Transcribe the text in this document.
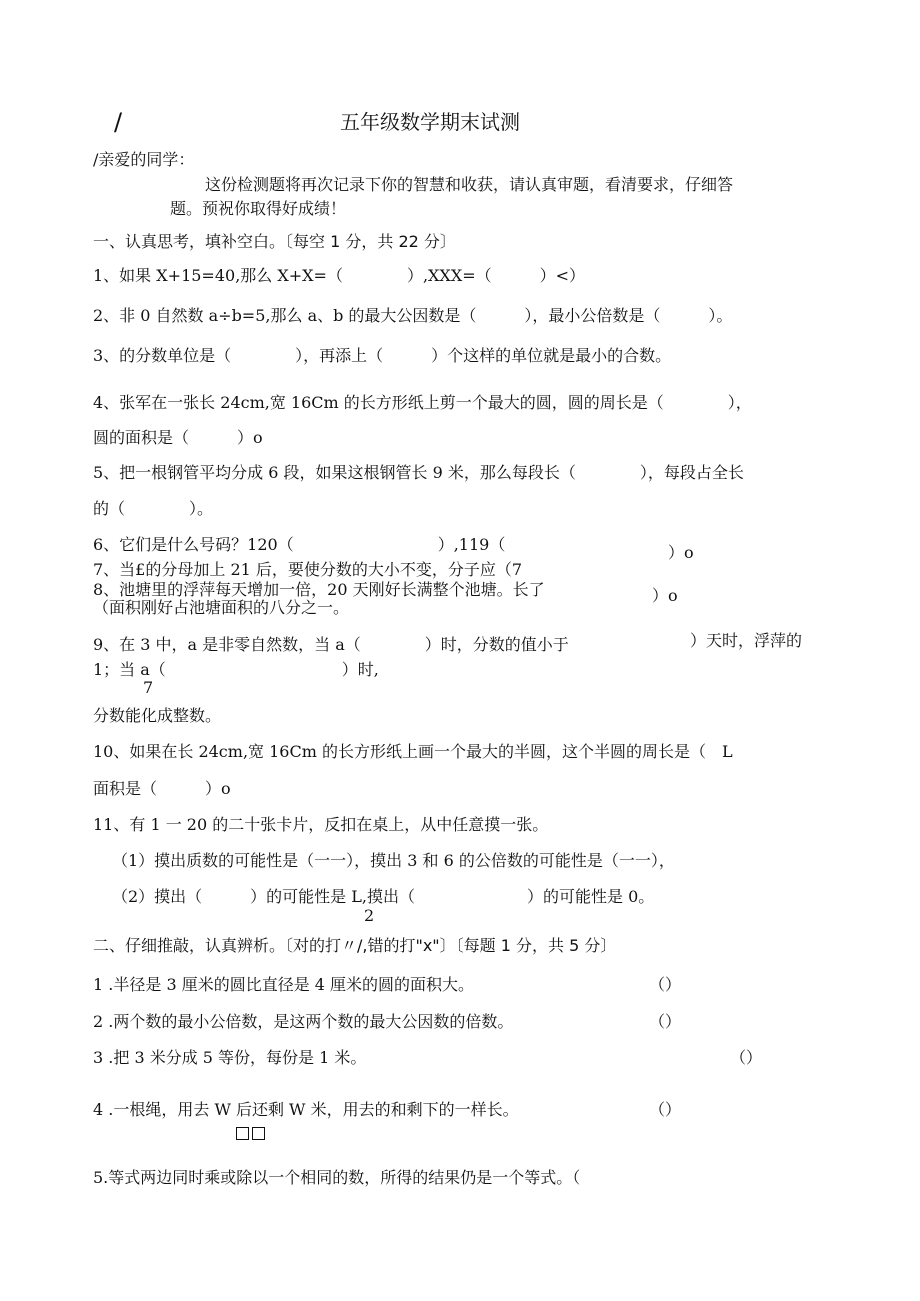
/	五年级数学期末试测
/亲爱的同学：
这份检测题将再次记录下你的智慧和收获，请认真审题，看清要求，仔细答
题。预祝你取得好成绩！
一、认真思考，填补空白。〔每空 1 分，共 22 分〕
1、如果 X+15=40,那么 X+X=（　　　　）,XXX=（　　　）<）
2、非 0 自然数 a÷b=5,那么 a、b 的最大公因数是（　　　），最小公倍数是（　　　）。
3、的分数单位是（　　　　），再添上（　　　）个这样的单位就是最小的合数。
4、张军在一张长 24cm,宽 16Cm 的长方形纸上剪一个最大的圆，圆的周长是（　　　　），
圆的面积是（　　　）o
5、把一根钢管平均分成 6 段，如果这根钢管长 9 米，那么每段长（　　　　），每段占全长
的（　　　　）。
6、它们是什么号码？120（　　　　　　　　　）,119（	）o
7、当£的分母加上 21 后，要使分数的大小不变，分子应（7
8、池塘里的浮萍每天增加一倍，20 天刚好长满整个池塘。长了
（面积刚好占池塘面积的八分之一。
）o
9、在 3 中，a 是非零自然数，当 a（　　　　）时，分数的值小于	）天时，浮萍的
1；当 a（　　　　　　　　　　　）时,
7
分数能化成整数。
10、如果在长 24cm,宽 16Cm 的长方形纸上画一个最大的半圆，这个半圆的周长是（　L
面积是（　　　）o
11、有 1 一 20 的二十张卡片，反扣在桌上，从中任意摸一张。
（1）摸出质数的可能性是（一一），摸出 3 和 6 的公倍数的可能性是（一一），
（2）摸出（　　　）的可能性是 L,摸出（　　　　　　　）的可能性是 0。
2
二、仔细推敲，认真辨析。〔对的打〃/,错的打"x"〕〔每题 1 分，共 5 分〕
1 .半径是 3 厘米的圆比直径是 4 厘米的圆的面积大。	（）
2 .两个数的最小公倍数，是这两个数的最大公因数的倍数。	（）
3 .把 3 米分成 5 等份，每份是 1 米。	（）
4 .一根绳，用去 W 后还剩 W 米，用去的和剩下的一样长。	（）
5.等式两边同时乘或除以一个相同的数，所得的结果仍是一个等式。（
